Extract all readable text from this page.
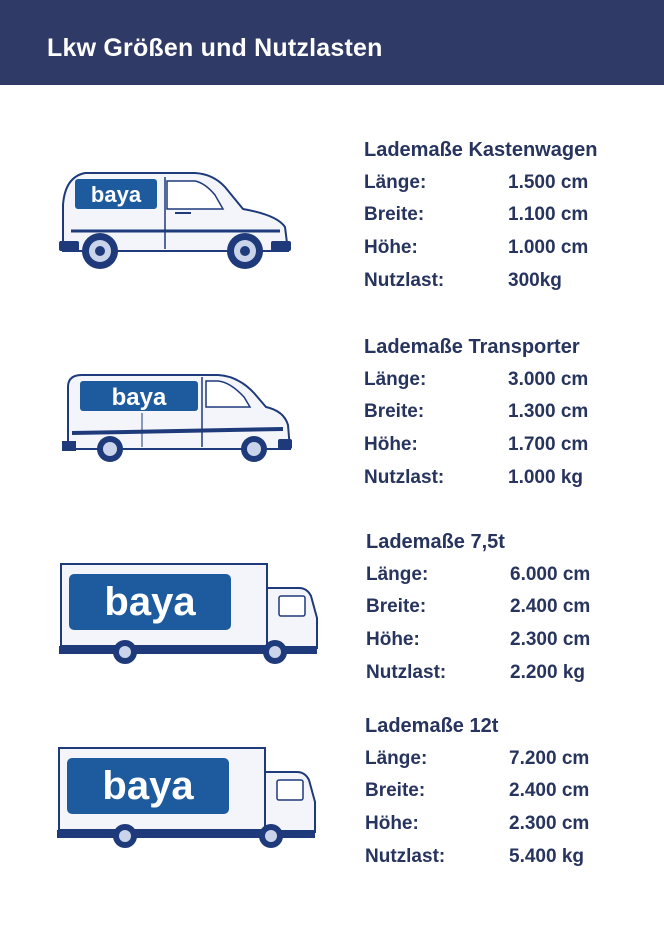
Lkw Größen und Nutzlasten
baya
Lademaße Kastenwagen
Länge:	1.500 cm
Breite:	1.100 cm
Höhe:	1.000 cm
Nutzlast:	300kg
baya
Lademaße Transporter
Länge:	3.000 cm
Breite:	1.300 cm
Höhe:	1.700 cm
Nutzlast:	1.000 kg
baya
Lademaße 7,5t
Länge:	6.000 cm
Breite:	2.400 cm
Höhe:	2.300 cm
Nutzlast:	2.200 kg
baya
Lademaße 12t
Länge:	7.200 cm
Breite:	2.400 cm
Höhe:	2.300 cm
Nutzlast:	5.400 kg
